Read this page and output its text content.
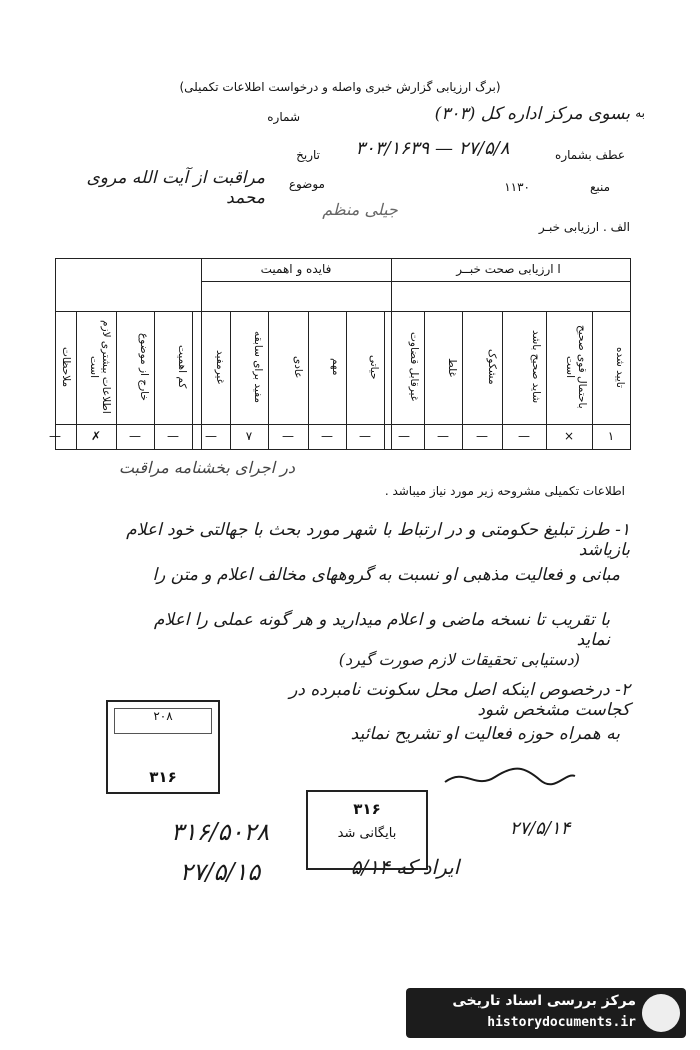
(برگ ارزیابی گزارش خبری واصله و درخواست اطلاعات تکمیلی)
شماره	بسوی مرکز اداره کل (۳۰۳) به
عطف بشماره
۲۷/۵/۸ — ۳۰۳/۱۶۳۹
تاریخ
موضوع
مراقبت از آیت الله مروی محمد
منبع
۱۱۳۰
جیلی منظم
الف . ارزیابی خبـر
ا ارزیابی صحت خبــر
فایده و اهمیت
تایید شده
۱
باحتمال قوی صحیح است
×
شاید صحیح باشد
—
مشکوک
—
غلط
—
غیرقابل قضاوت
—
حیاتی
—
مهم
—
عادی
—
مفید برای سابقه
۷
غیرمفید
—
کم اهمیت
—
خارج از موضوع
—
اطلاعات بیشتری لازم است
✗
ملاحظات
—
اطلاعات تکمیلی مشروحه زیر مورد نیاز میباشد .
در اجرای بخشنامه مراقبت
۱- طرز تبلیغ حکومتی و در ارتباط با شهر مورد بحث با جهالتی خود اعلام بازیاشد
مبانی و فعالیت مذهبی او نسبت به گروههای مخالف اعلام و متن را
با تقریب تا نسخه ماضی و اعلام میدارید و هر گونه عملی را اعلام نماید
(دستیابی تحقیقات لازم صورت گیرد)
۲- درخصوص اینکه اصل محل سکونت نامبرده در کجاست مشخص شود
به همراه حوزه فعالیت او تشریح نمائید
۲۷/۵/۱۴
ایراد که ۵/۱۴
۲۰۸
۳۱۶
۳۱۶
بایگانی شد
۳۱۶/۵۰۲۸
۲۷/۵/۱۵
مرکز بررسی اسناد تاریخی
historydocuments.ir
